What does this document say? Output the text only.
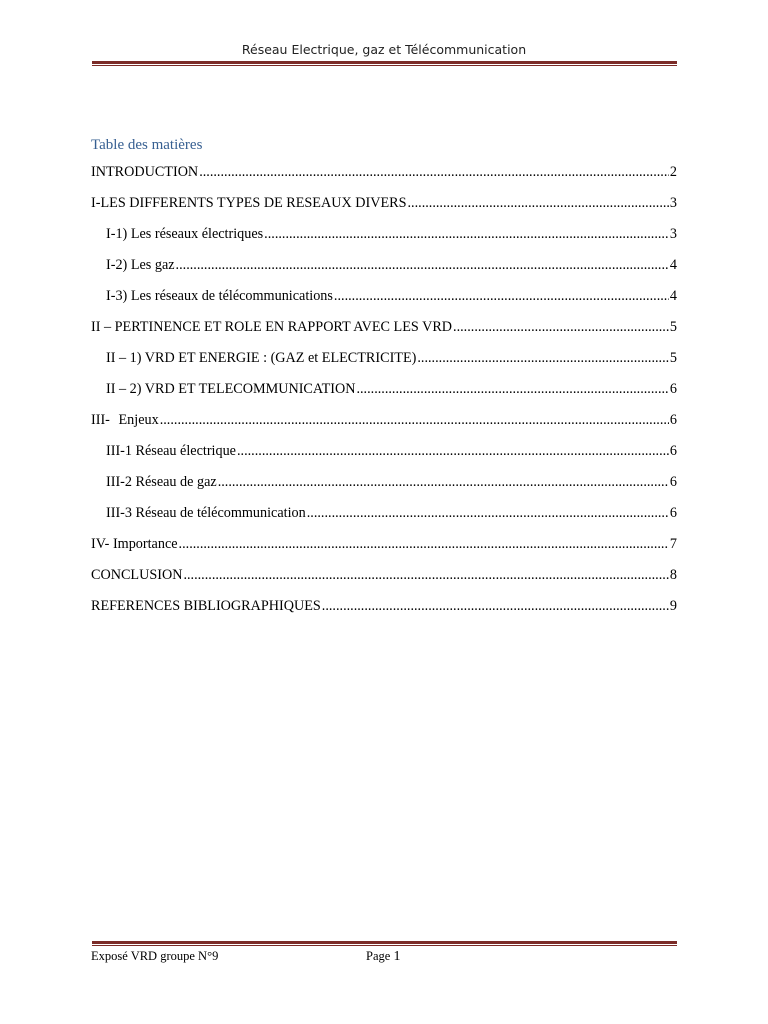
Réseau Electrique, gaz et Télécommunication
Table des matières
INTRODUCTION .....	2
I- LES DIFFERENTS TYPES DE RESEAUX DIVERS .....	3
I-1) Les réseaux électriques .....	3
I-2) Les gaz .....	4
I-3) Les réseaux de télécommunications .....	4
II – PERTINENCE ET ROLE EN RAPPORT AVEC LES VRD .....	5
II – 1) VRD ET ENERGIE : (GAZ et ELECTRICITE) .....	5
II – 2) VRD ET TELECOMMUNICATION .....	6
III- Enjeux .....	6
III-1 Réseau électrique .....	6
III-2 Réseau de gaz .....	6
III-3 Réseau de télécommunication .....	6
IV- Importance .....	7
CONCLUSION .....	8
REFERENCES BIBLIOGRAPHIQUES .....	9
Exposé VRD groupe N°9	Page 1
